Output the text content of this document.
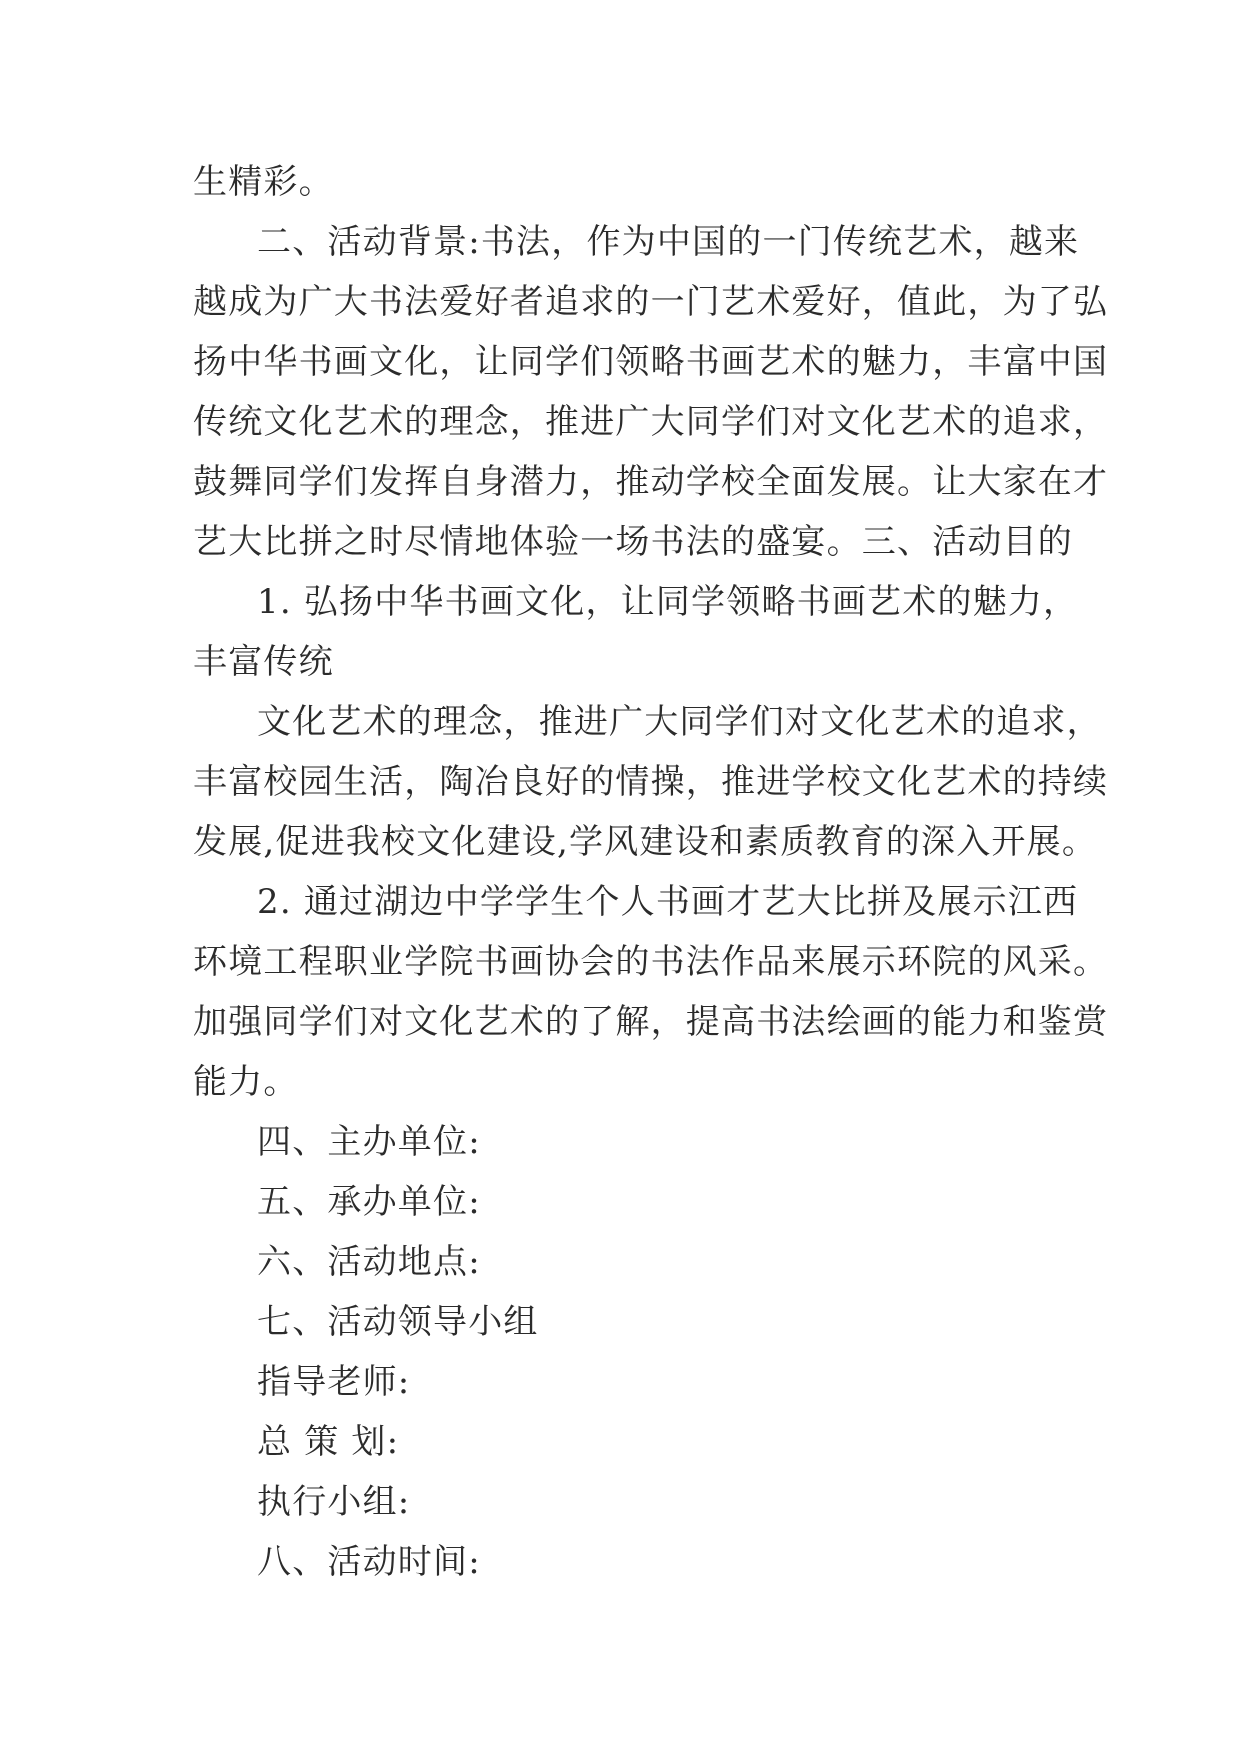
生精彩。

二、活动背景:书法，作为中国的一门传统艺术，越来

越成为广大书法爱好者追求的一门艺术爱好，值此，为了弘

扬中华书画文化，让同学们领略书画艺术的魅力，丰富中国

传统文化艺术的理念，推进广大同学们对文化艺术的追求，

鼓舞同学们发挥自身潜力，推动学校全面发展。让大家在才

艺大比拼之时尽情地体验一场书法的盛宴。三、活动目的

1. 弘扬中华书画文化，让同学领略书画艺术的魅力，

丰富传统

文化艺术的理念，推进广大同学们对文化艺术的追求，

丰富校园生活，陶冶良好的情操，推进学校文化艺术的持续

发展,促进我校文化建设,学风建设和素质教育的深入开展。

2. 通过湖边中学学生个人书画才艺大比拼及展示江西

环境工程职业学院书画协会的书法作品来展示环院的风采。

加强同学们对文化艺术的了解，提高书法绘画的能力和鉴赏

能力。

四、主办单位:

五、承办单位:

六、活动地点:

七、活动领导小组

指导老师:

总 策 划:

执行小组:

八、活动时间:
